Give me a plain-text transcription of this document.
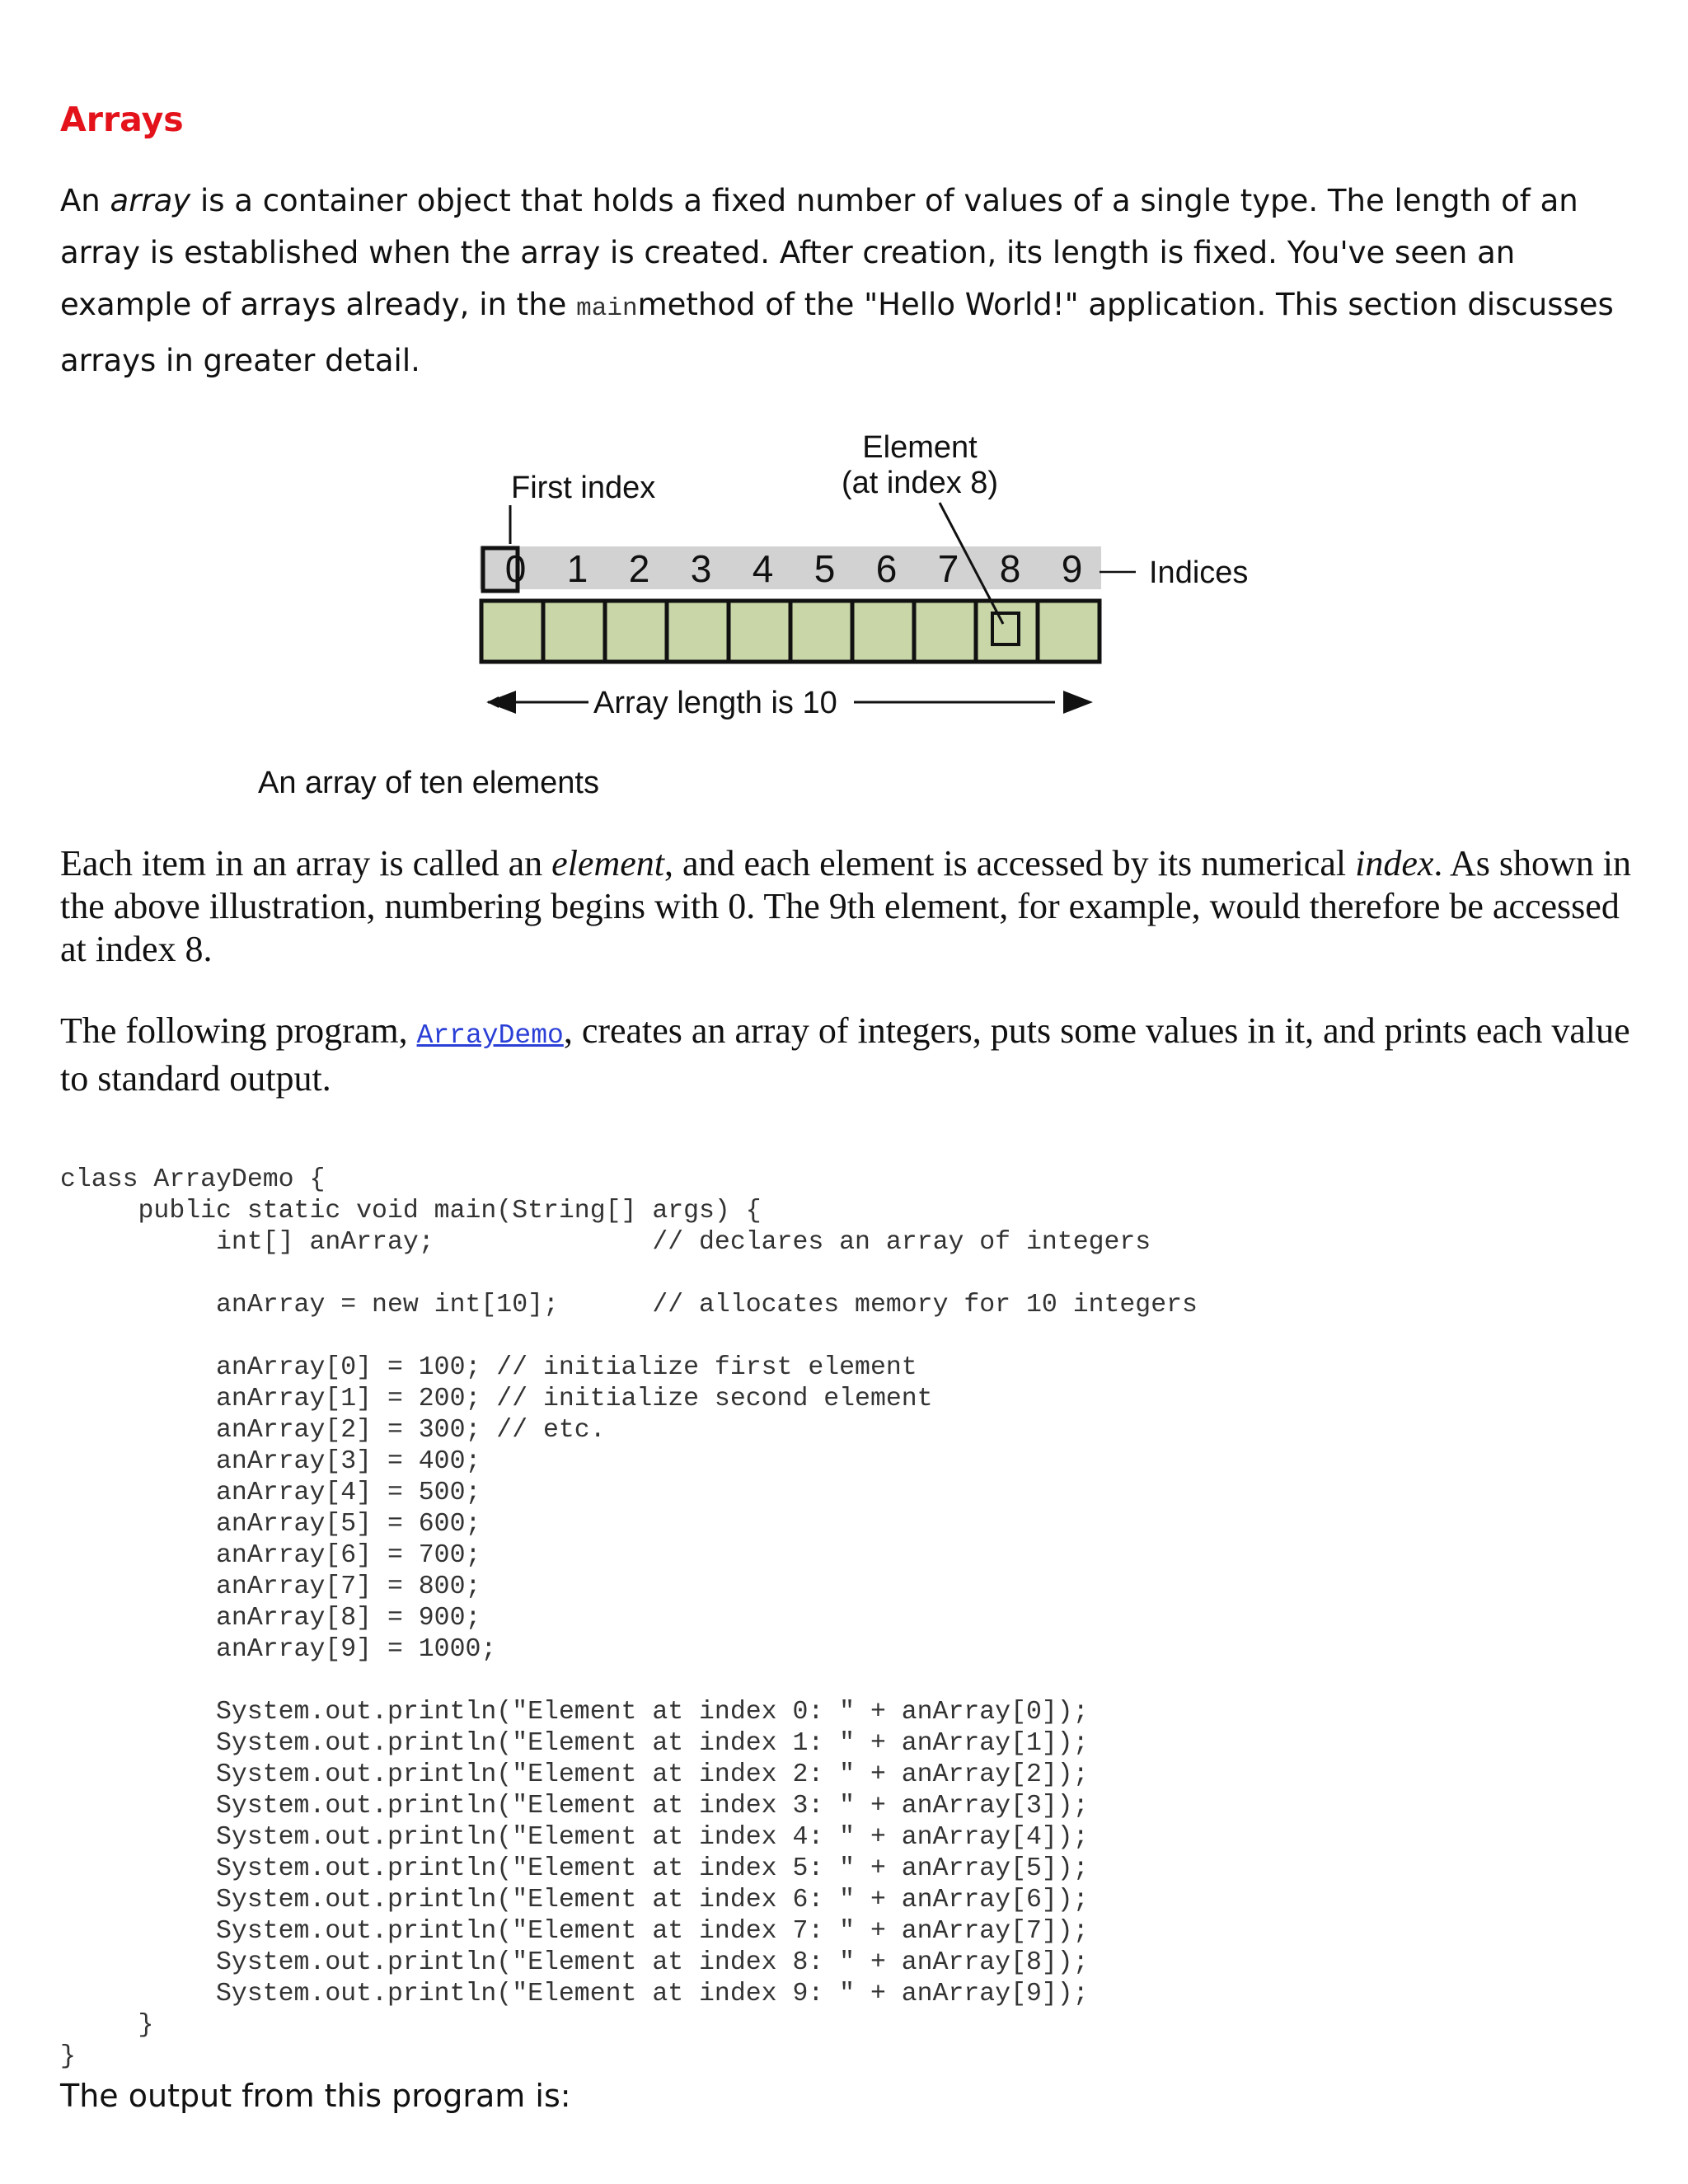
Arrays

An array is a container object that holds a fixed number of values of a single type. The length of an array is established when the array is created. After creation, its length is fixed. You've seen an example of arrays already, in the mainmethod of the "Hello World!" application. This section discusses arrays in greater detail.

First index
Element
(at index 8)
0 1 2 3 4 5 6 7 8 9 Indices
Array length is 10

An array of ten elements

Each item in an array is called an element, and each element is accessed by its numerical index. As shown in the above illustration, numbering begins with 0. The 9th element, for example, would therefore be accessed at index 8.

The following program, ArrayDemo, creates an array of integers, puts some values in it, and prints each value to standard output.

class ArrayDemo {
public static void main(String[] args) {
int[] anArray;              // declares an array of integers

anArray = new int[10];      // allocates memory for 10 integers

anArray[0] = 100; // initialize first element
anArray[1] = 200; // initialize second element
anArray[2] = 300; // etc.
anArray[3] = 400;
anArray[4] = 500;
anArray[5] = 600;
anArray[6] = 700;
anArray[7] = 800;
anArray[8] = 900;
anArray[9] = 1000;

System.out.println("Element at index 0: " + anArray[0]);
System.out.println("Element at index 1: " + anArray[1]);
System.out.println("Element at index 2: " + anArray[2]);
System.out.println("Element at index 3: " + anArray[3]);
System.out.println("Element at index 4: " + anArray[4]);
System.out.println("Element at index 5: " + anArray[5]);
System.out.println("Element at index 6: " + anArray[6]);
System.out.println("Element at index 7: " + anArray[7]);
System.out.println("Element at index 8: " + anArray[8]);
System.out.println("Element at index 9: " + anArray[9]);
}
}

The output from this program is:
